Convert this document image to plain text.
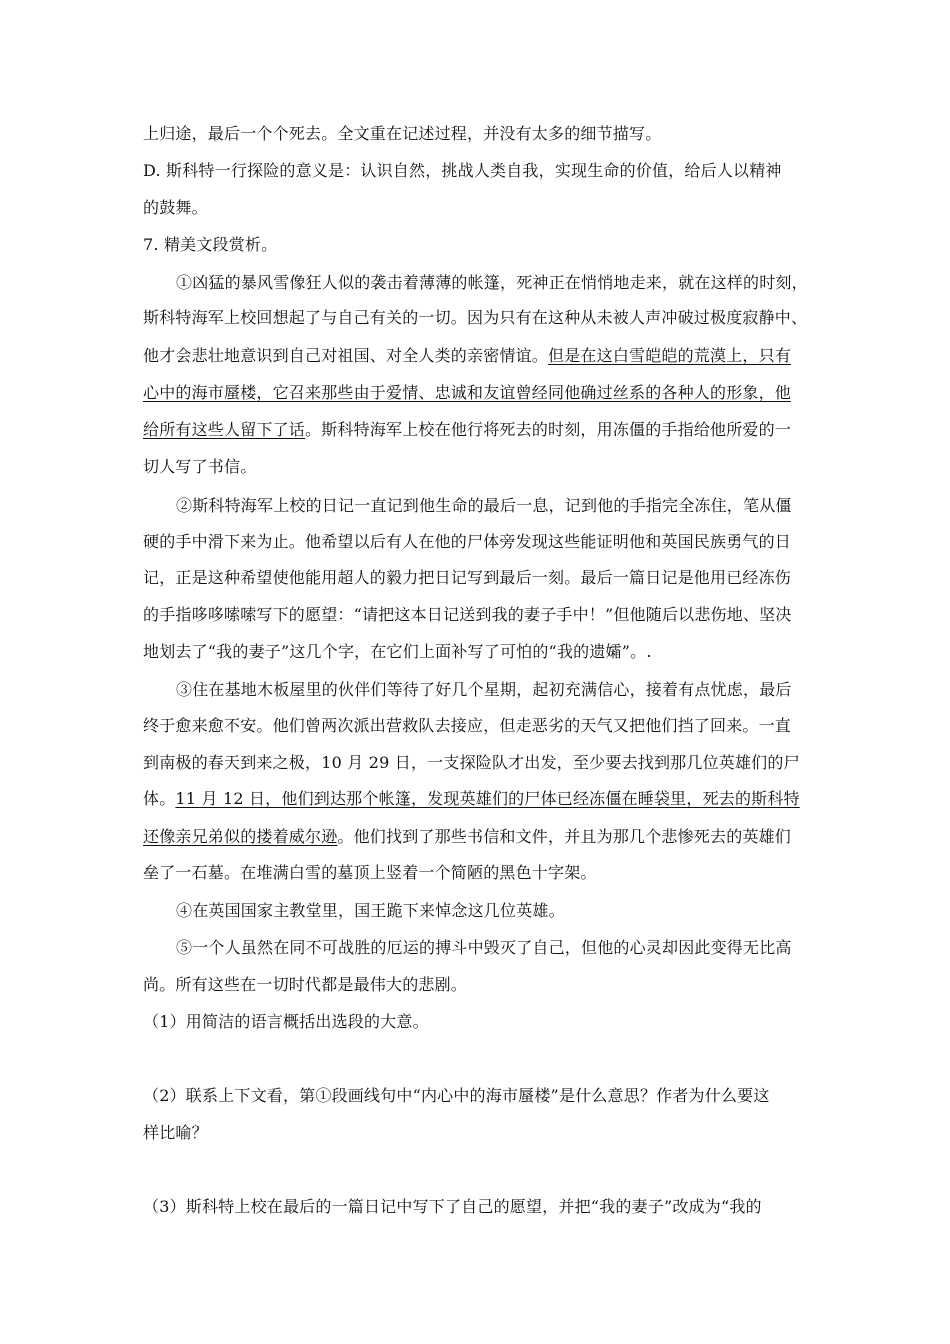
上归途，最后一个个死去。全文重在记述过程，并没有太多的细节描写。
D. 斯科特一行探险的意义是：认识自然，挑战人类自我，实现生命的价值，给后人以精神
的鼓舞。
7. 精美文段赏析。
①凶猛的暴风雪像狂人似的袭击着薄薄的帐篷，死神正在悄悄地走来，就在这样的时刻，
斯科特海军上校回想起了与自己有关的一切。因为只有在这种从未被人声冲破过极度寂静中、
他才会悲壮地意识到自己对祖国、对全人类的亲密情谊。但是在这白雪皑皑的荒漠上，只有
心中的海市蜃楼，它召来那些由于爱情、忠诚和友谊曾经同他确过丝系的各种人的形象，他
给所有这些人留下了话。斯科特海军上校在他行将死去的时刻，用冻僵的手指给他所爱的一
切人写了书信。
②斯科特海军上校的日记一直记到他生命的最后一息，记到他的手指完全冻住，笔从僵
硬的手中滑下来为止。他希望以后有人在他的尸体旁发现这些能证明他和英国民族勇气的日
记，正是这种希望使他能用超人的毅力把日记写到最后一刻。最后一篇日记是他用已经冻伤
的手指哆哆嗦嗦写下的愿望：“请把这本日记送到我的妻子手中！”但他随后以悲伤地、坚决
地划去了“我的妻子”这几个字，在它们上面补写了可怕的“我的遗孀”。.
③住在基地木板屋里的伙伴们等待了好几个星期，起初充满信心，接着有点忧虑，最后
终于愈来愈不安。他们曾两次派出营救队去接应，但走恶劣的天气又把他们挡了回来。一直
到南极的春天到来之极，10 月 29 日，一支探险队才出发，至少要去找到那几位英雄们的尸
体。11 月 12 日，他们到达那个帐篷，发现英雄们的尸体已经冻僵在睡袋里，死去的斯科特
还像亲兄弟似的搂着威尔逊。他们找到了那些书信和文件，并且为那几个悲惨死去的英雄们
垒了一石墓。在堆满白雪的墓顶上竖着一个简陋的黑色十字架。
④在英国国家主教堂里，国王跪下来悼念这几位英雄。
⑤一个人虽然在同不可战胜的厄运的搏斗中毁灭了自己，但他的心灵却因此变得无比高
尚。所有这些在一切时代都是最伟大的悲剧。
（1）用简洁的语言概括出选段的大意。
（2）联系上下文看，第①段画线句中“内心中的海市蜃楼”是什么意思？作者为什么要这
样比喻？
（3）斯科特上校在最后的一篇日记中写下了自己的愿望，并把“我的妻子”改成为“我的
